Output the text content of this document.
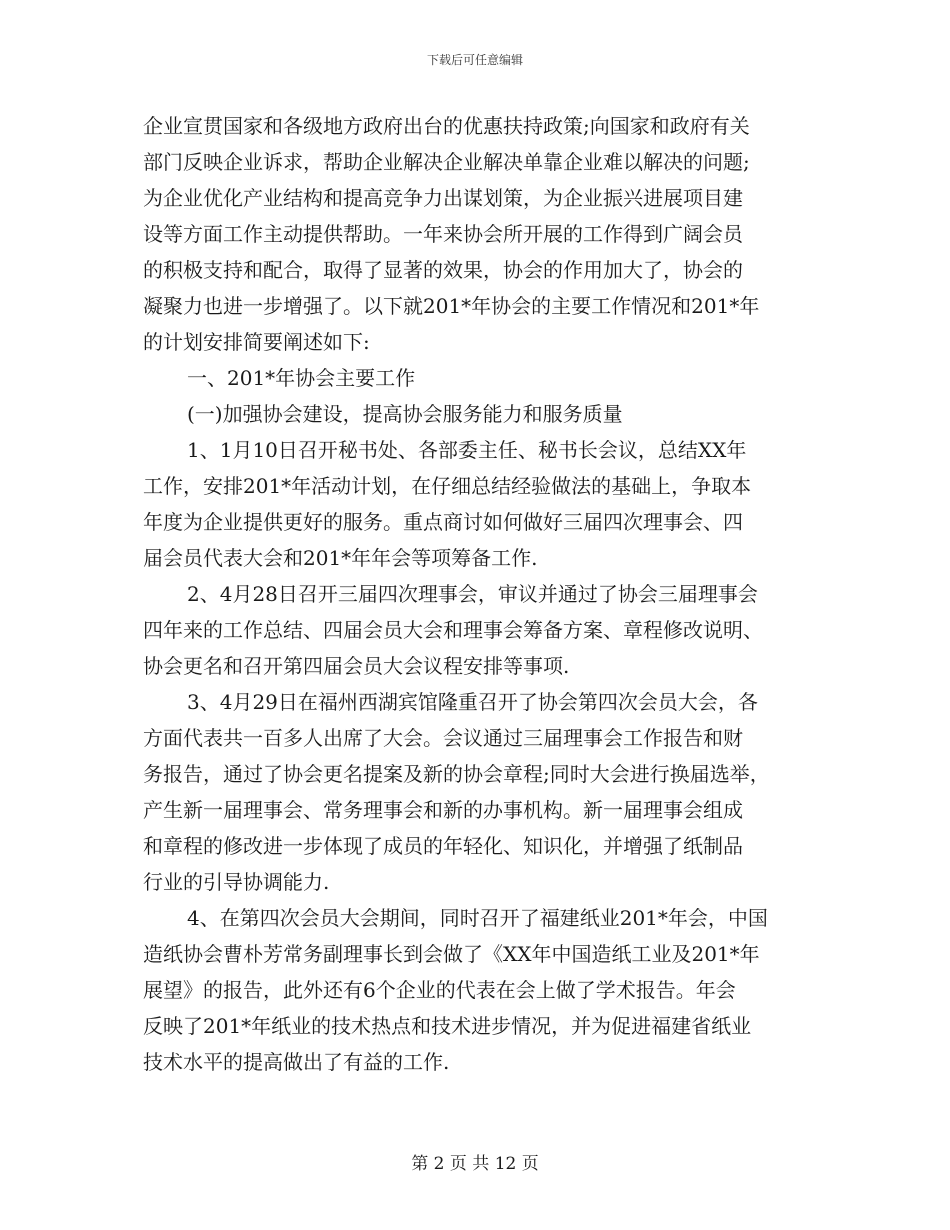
下载后可任意编辑
企业宣贯国家和各级地方政府出台的优惠扶持政策;向国家和政府有关
部门反映企业诉求，帮助企业解决企业解决单靠企业难以解决的问题;
为企业优化产业结构和提高竞争力出谋划策，为企业振兴进展项目建
设等方面工作主动提供帮助。一年来协会所开展的工作得到广阔会员
的积极支持和配合，取得了显著的效果，协会的作用加大了，协会的
凝聚力也进一步增强了。以下就201*年协会的主要工作情况和201*年
的计划安排简要阐述如下:
一、201*年协会主要工作
(一)加强协会建设，提高协会服务能力和服务质量
1、1月10日召开秘书处、各部委主任、秘书长会议，总结XX年
工作，安排201*年活动计划，在仔细总结经验做法的基础上，争取本
年度为企业提供更好的服务。重点商讨如何做好三届四次理事会、四
届会员代表大会和201*年年会等项筹备工作.
2、4月28日召开三届四次理事会，审议并通过了协会三届理事会
四年来的工作总结、四届会员大会和理事会筹备方案、章程修改说明、
协会更名和召开第四届会员大会议程安排等事项.
3、4月29日在福州西湖宾馆隆重召开了协会第四次会员大会，各
方面代表共一百多人出席了大会。会议通过三届理事会工作报告和财
务报告，通过了协会更名提案及新的协会章程;同时大会进行换届选举，
产生新一届理事会、常务理事会和新的办事机构。新一届理事会组成
和章程的修改进一步体现了成员的年轻化、知识化，并增强了纸制品
行业的引导协调能力.
4、在第四次会员大会期间，同时召开了福建纸业201*年会，中国
造纸协会曹朴芳常务副理事长到会做了《XX年中国造纸工业及201*年
展望》的报告，此外还有6个企业的代表在会上做了学术报告。年会
反映了201*年纸业的技术热点和技术进步情况，并为促进福建省纸业
技术水平的提高做出了有益的工作.
第 2 页 共 12 页
